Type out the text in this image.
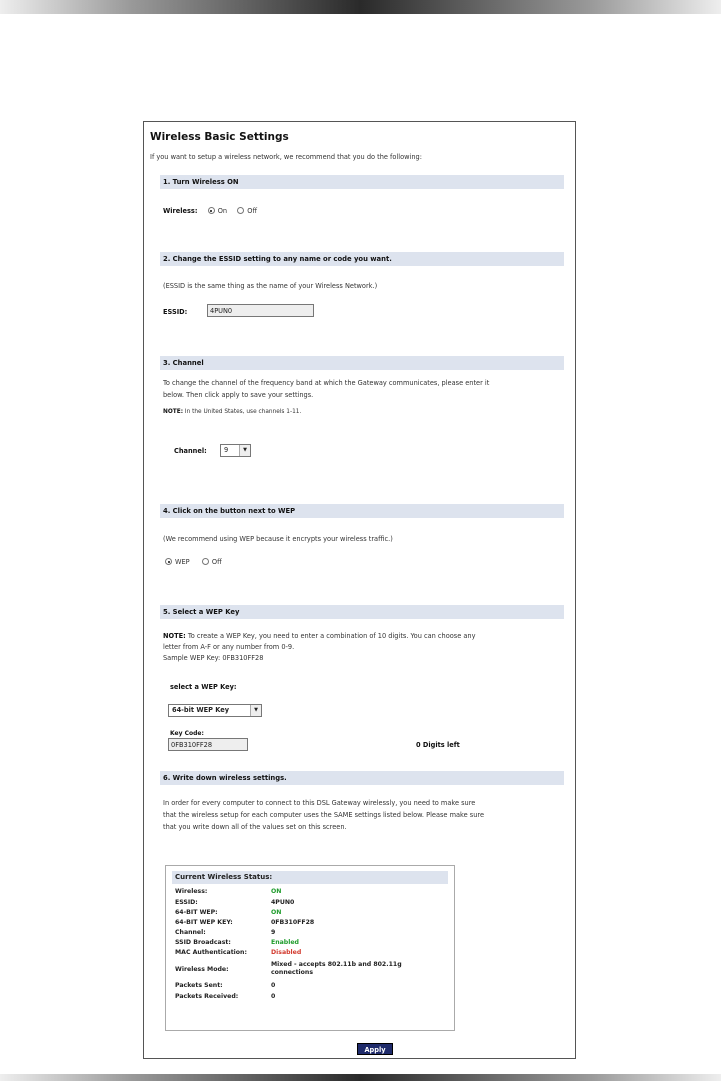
Wireless Basic Settings
If you want to setup a wireless network, we recommend that you do the following:
1. Turn Wireless ON
Wireless:	On	Off
2. Change the ESSID setting to any name or code you want.
(ESSID is the same thing as the name of your Wireless Network.)
ESSID:	4PUN0
3. Channel
To change the channel of the frequency band at which the Gateway communicates, please enter it
below. Then click apply to save your settings.
NOTE: In the United States, use channels 1-11.
Channel:	9	▼
4. Click on the button next to WEP
(We recommend using WEP because it encrypts your wireless traffic.)
WEP	Off
5. Select a WEP Key
NOTE: To create a WEP Key, you need to enter a combination of 10 digits. You can choose any
letter from A-F or any number from 0-9.
Sample WEP Key: 0FB310FF28
select a WEP Key:
64-bit WEP Key	▼
Key Code:
0FB310FF28	0 Digits left
6. Write down wireless settings.
In order for every computer to connect to this DSL Gateway wirelessly, you need to make sure
that the wireless setup for each computer uses the SAME settings listed below. Please make sure
that you write down all of the values set on this screen.
Current Wireless Status:
Wireless:	ON
ESSID:	4PUN0
64-BIT WEP:	ON
64-BIT WEP KEY:	0FB310FF28
Channel:	9
SSID Broadcast:	Enabled
MAC Authentication:	Disabled
Wireless Mode:
Mixed - accepts 802.11b and 802.11g connections
Packets Sent:	0
Packets Received:	0
Apply
